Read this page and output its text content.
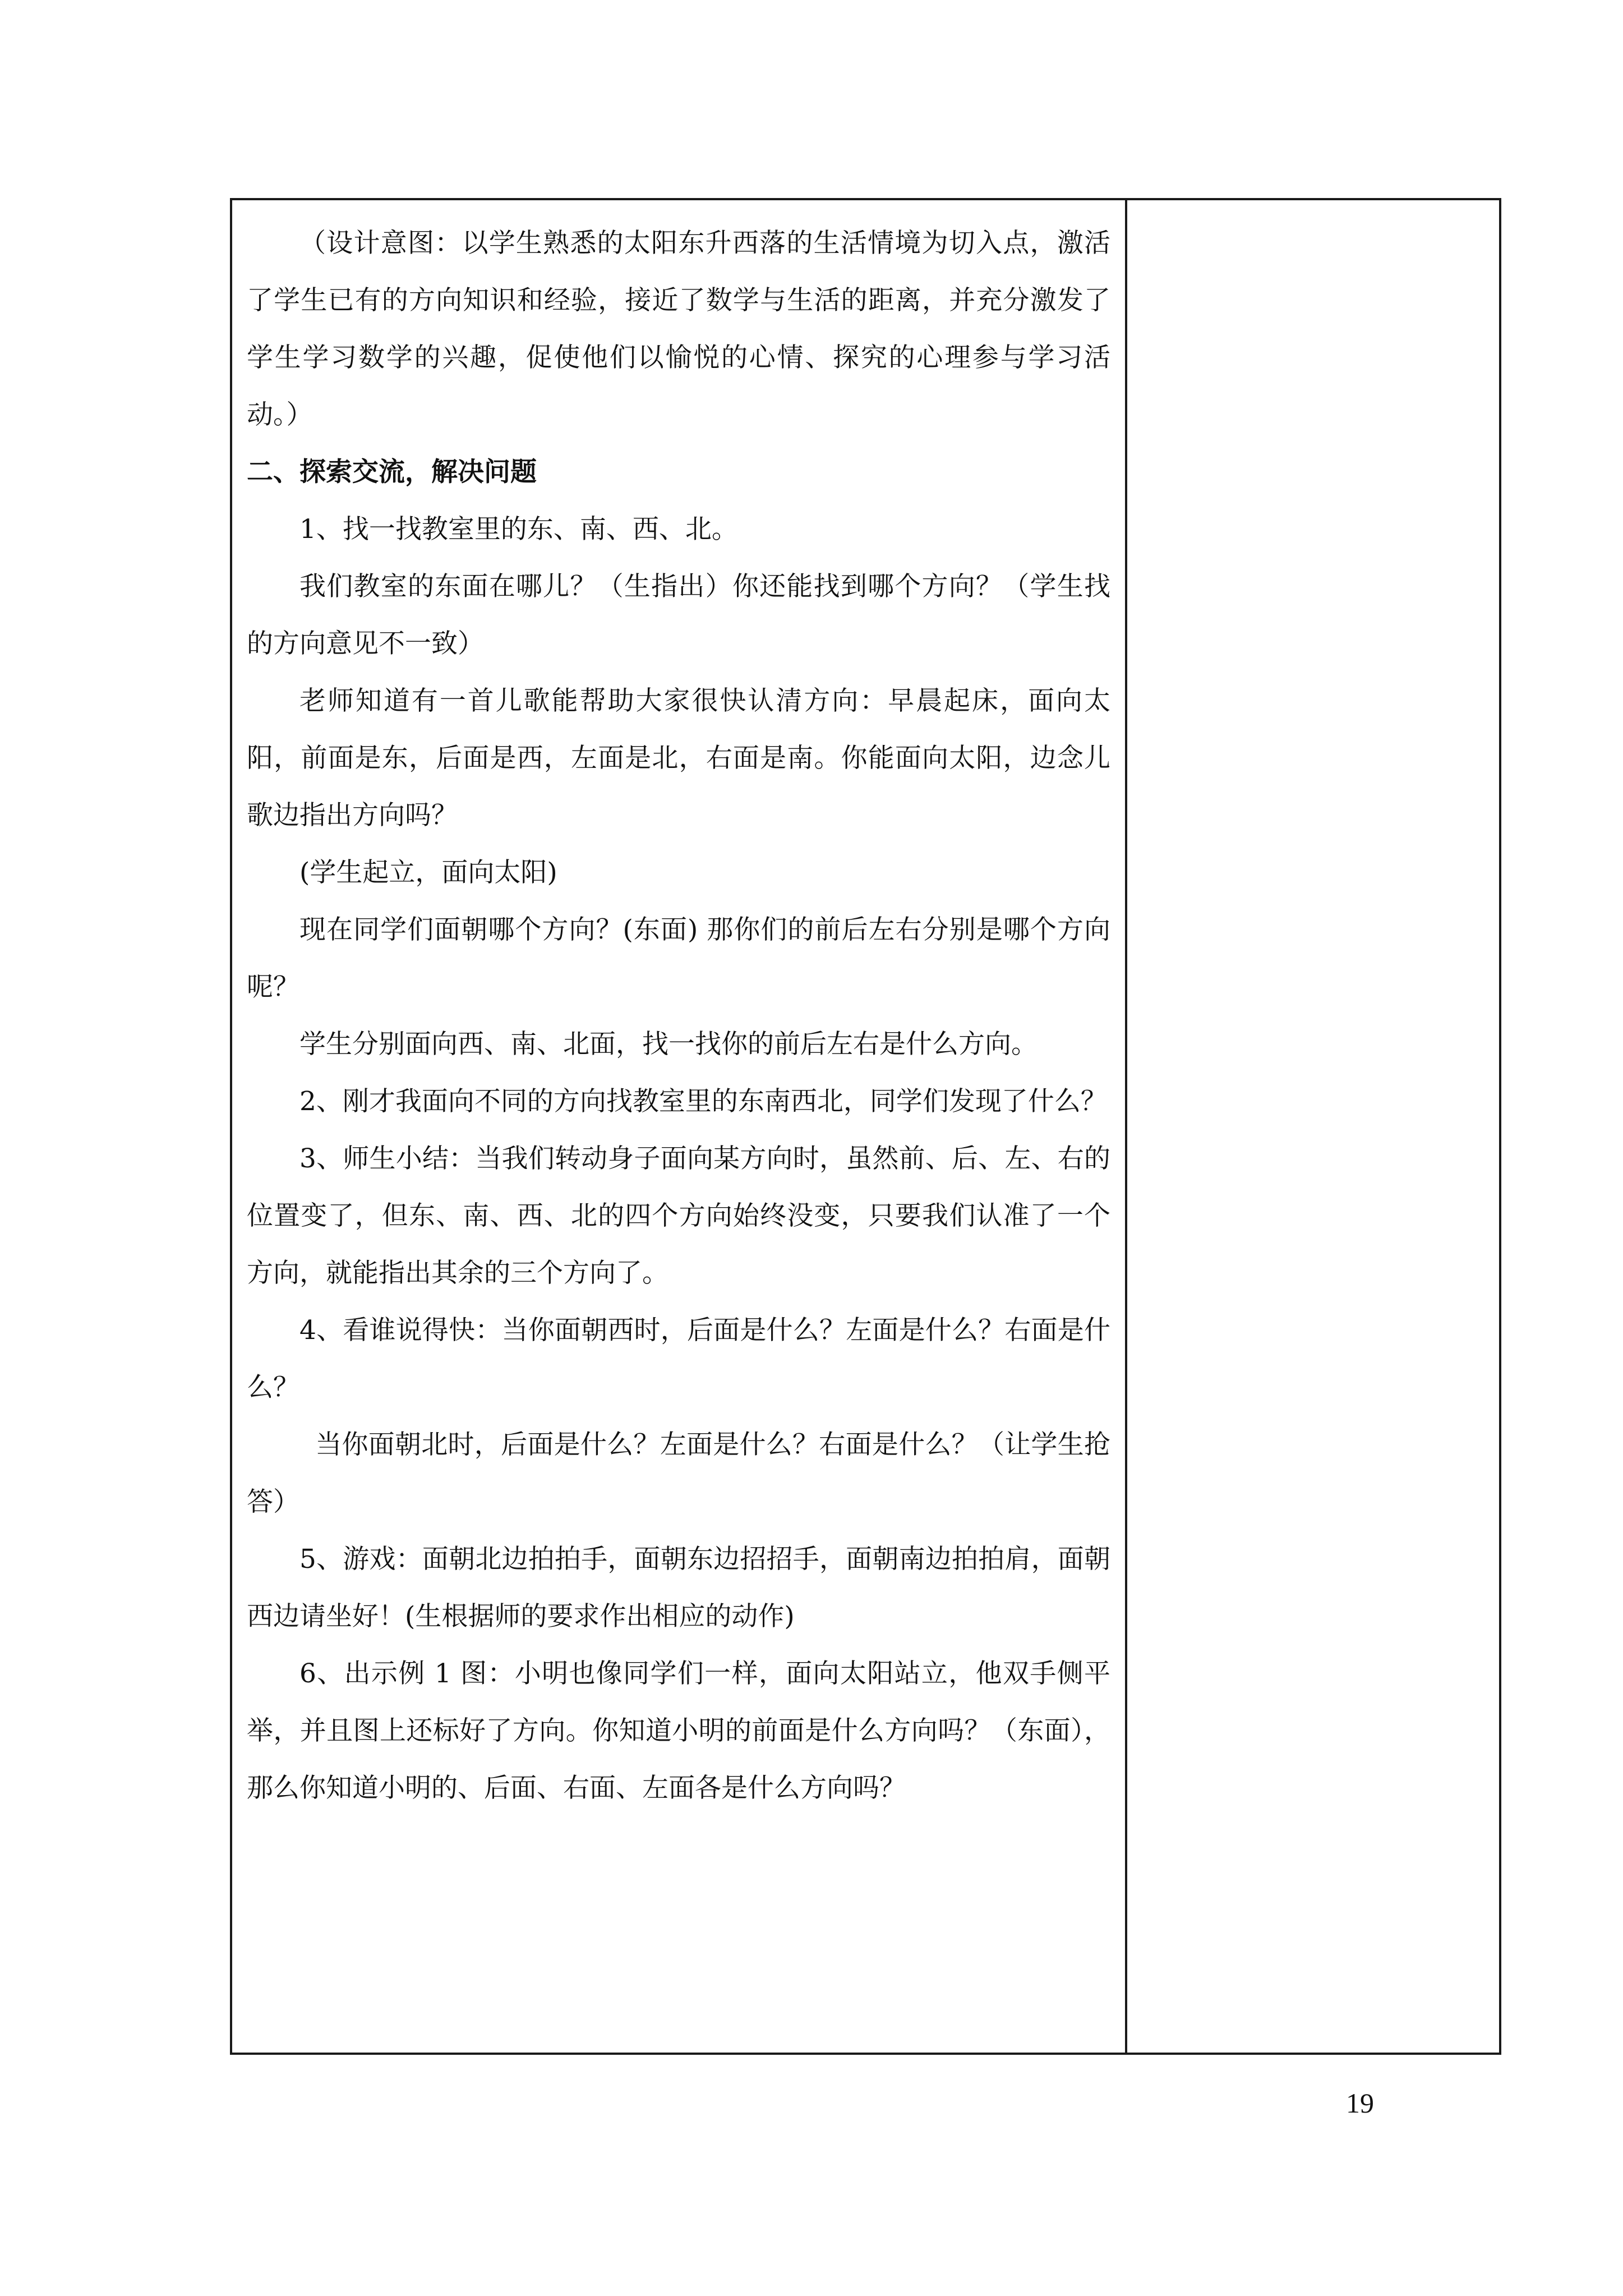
（设计意图：以学生熟悉的太阳东升西落的生活情境为切入点，激活了学生已有的方向知识和经验，接近了数学与生活的距离，并充分激发了学生学习数学的兴趣，促使他们以愉悦的心情、探究的心理参与学习活动。）

二、探索交流，解决问题

1、找一找教室里的东、南、西、北。

我们教室的东面在哪儿？（生指出）你还能找到哪个方向？（学生找的方向意见不一致）

老师知道有一首儿歌能帮助大家很快认清方向：早晨起床，面向太阳，前面是东，后面是西，左面是北，右面是南。你能面向太阳，边念儿歌边指出方向吗？

(学生起立，面向太阳)

现在同学们面朝哪个方向？(东面) 那你们的前后左右分别是哪个方向呢？

学生分别面向西、南、北面，找一找你的前后左右是什么方向。

2、刚才我面向不同的方向找教室里的东南西北，同学们发现了什么？

3、师生小结：当我们转动身子面向某方向时，虽然前、后、左、右的位置变了，但东、南、西、北的四个方向始终没变，只要我们认准了一个方向，就能指出其余的三个方向了。

4、看谁说得快：当你面朝西时，后面是什么？左面是什么？右面是什么？

当你面朝北时，后面是什么？左面是什么？右面是什么？（让学生抢答）

5、游戏：面朝北边拍拍手，面朝东边招招手，面朝南边拍拍肩，面朝西边请坐好！(生根据师的要求作出相应的动作)

6、出示例 1 图：小明也像同学们一样，面向太阳站立，他双手侧平举，并且图上还标好了方向。你知道小明的前面是什么方向吗？（东面），那么你知道小明的、后面、右面、左面各是什么方向吗？

19
